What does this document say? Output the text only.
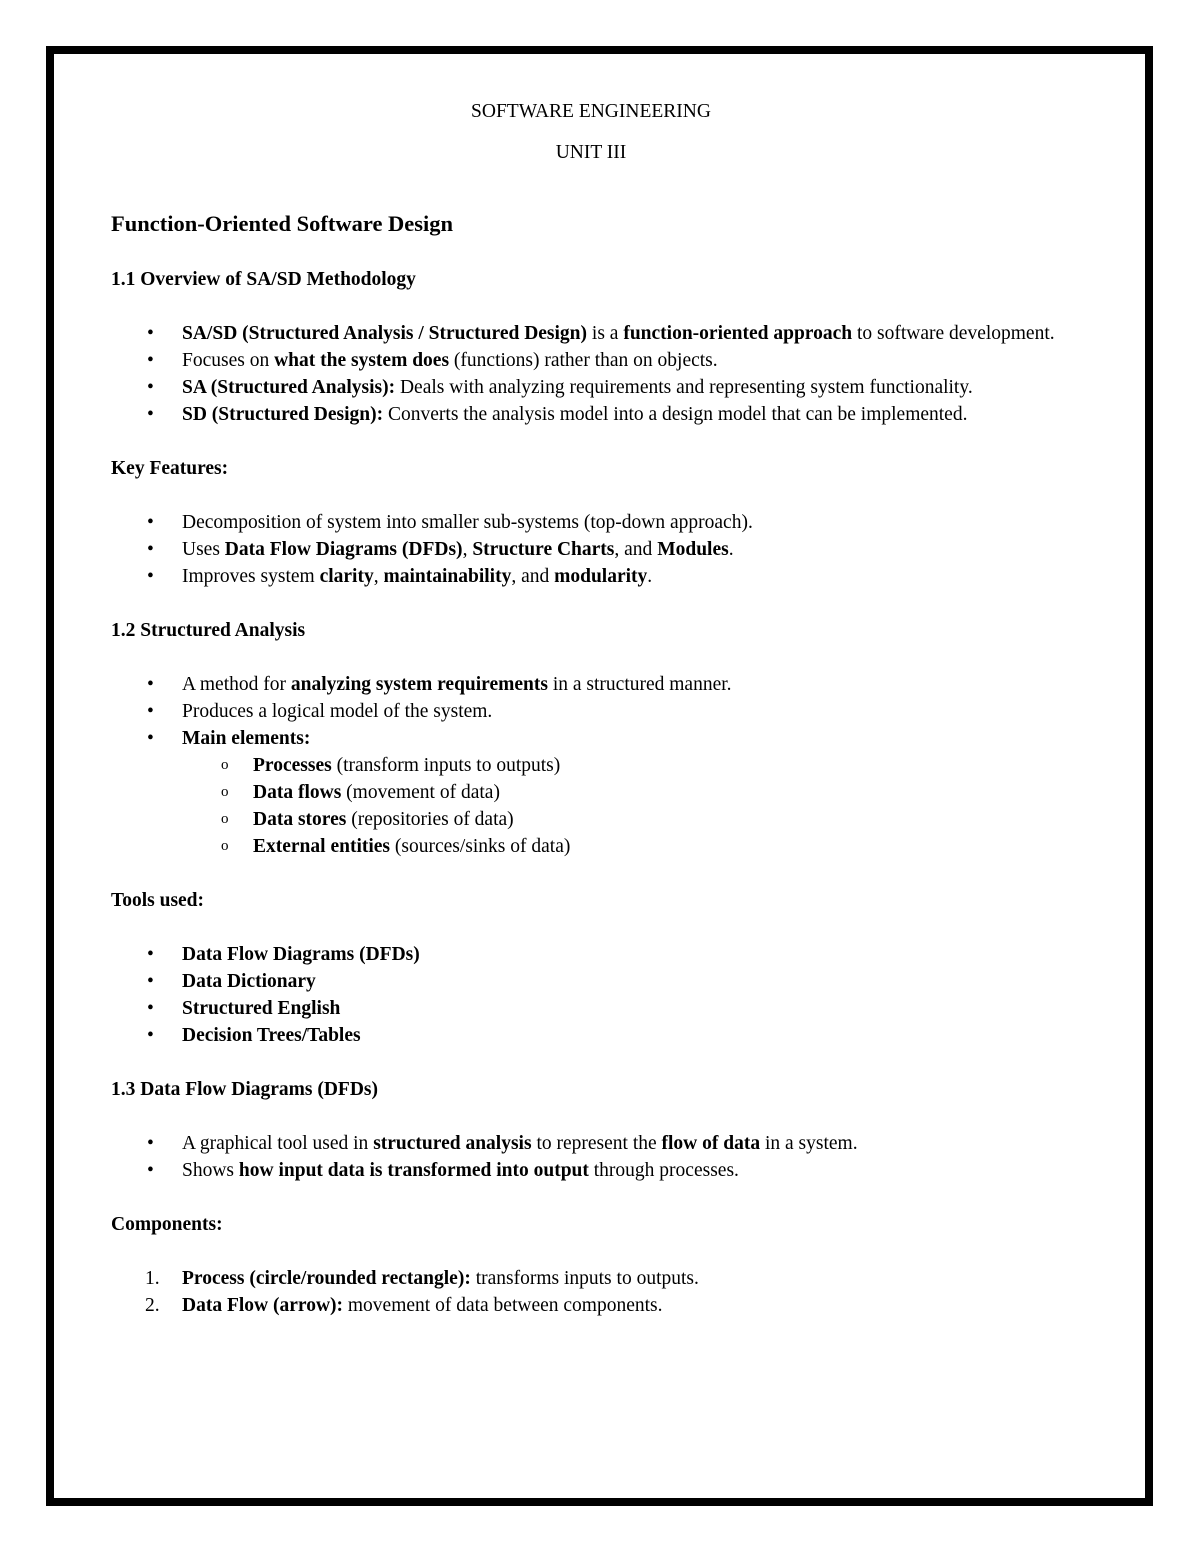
SOFTWARE ENGINEERING

UNIT III

Function-Oriented Software Design

1.1 Overview of SA/SD Methodology

• SA/SD (Structured Analysis / Structured Design) is a function-oriented approach to software development.
• Focuses on what the system does (functions) rather than on objects.
• SA (Structured Analysis): Deals with analyzing requirements and representing system functionality.
• SD (Structured Design): Converts the analysis model into a design model that can be implemented.

Key Features:

• Decomposition of system into smaller sub-systems (top-down approach).
• Uses Data Flow Diagrams (DFDs), Structure Charts, and Modules.
• Improves system clarity, maintainability, and modularity.

1.2 Structured Analysis

• A method for analyzing system requirements in a structured manner.
• Produces a logical model of the system.
• Main elements:
o Processes (transform inputs to outputs)
o Data flows (movement of data)
o Data stores (repositories of data)
o External entities (sources/sinks of data)

Tools used:

• Data Flow Diagrams (DFDs)
• Data Dictionary
• Structured English
• Decision Trees/Tables

1.3 Data Flow Diagrams (DFDs)

• A graphical tool used in structured analysis to represent the flow of data in a system.
• Shows how input data is transformed into output through processes.

Components:

1. Process (circle/rounded rectangle): transforms inputs to outputs.
2. Data Flow (arrow): movement of data between components.
